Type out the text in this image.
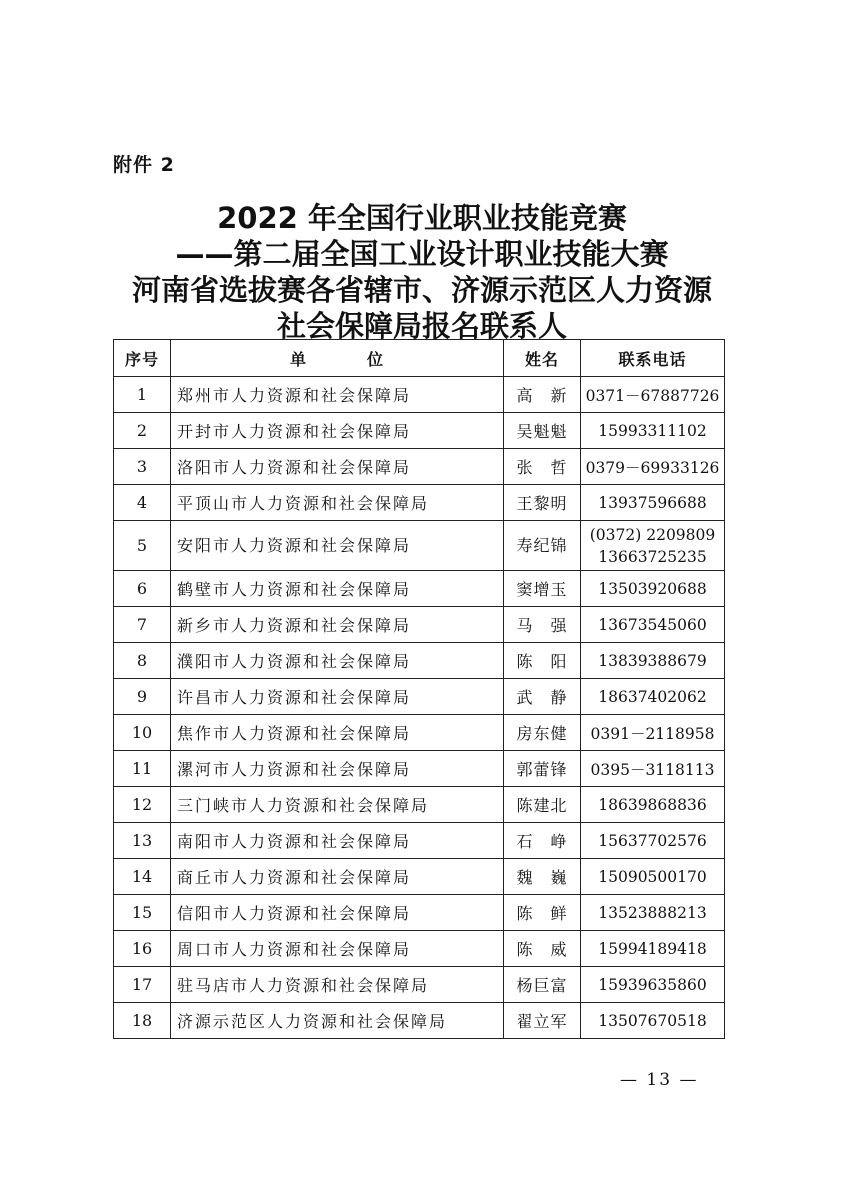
附件 2
2022 年全国行业职业技能竞赛
——第二届全国工业设计职业技能大赛
河南省选拔赛各省辖市、济源示范区人力资源
社会保障局报名联系人
序号	单 位	姓名	联系电话
1	郑州市人力资源和社会保障局	高　新	0371－67887726
2	开封市人力资源和社会保障局	吴魁魁	15993311102
3	洛阳市人力资源和社会保障局	张　哲	0379－69933126
4	平顶山市人力资源和社会保障局	王黎明	13937596688
5	安阳市人力资源和社会保障局	寿纪锦	(0372) 2209809
13663725235

6	鹤壁市人力资源和社会保障局	窦增玉	13503920688
7	新乡市人力资源和社会保障局	马　强	13673545060
8	濮阳市人力资源和社会保障局	陈　阳	13839388679
9	许昌市人力资源和社会保障局	武　静	18637402062
10	焦作市人力资源和社会保障局	房东健	0391－2118958
11	漯河市人力资源和社会保障局	郭蕾锋	0395－3118113
12	三门峡市人力资源和社会保障局	陈建北	18639868836
13	南阳市人力资源和社会保障局	石　峥	15637702576
14	商丘市人力资源和社会保障局	魏　巍	15090500170
15	信阳市人力资源和社会保障局	陈　鲜	13523888213
16	周口市人力资源和社会保障局	陈　威	15994189418
17	驻马店市人力资源和社会保障局	杨巨富	15939635860
18	济源示范区人力资源和社会保障局	翟立军	13507670518
— 13 —
